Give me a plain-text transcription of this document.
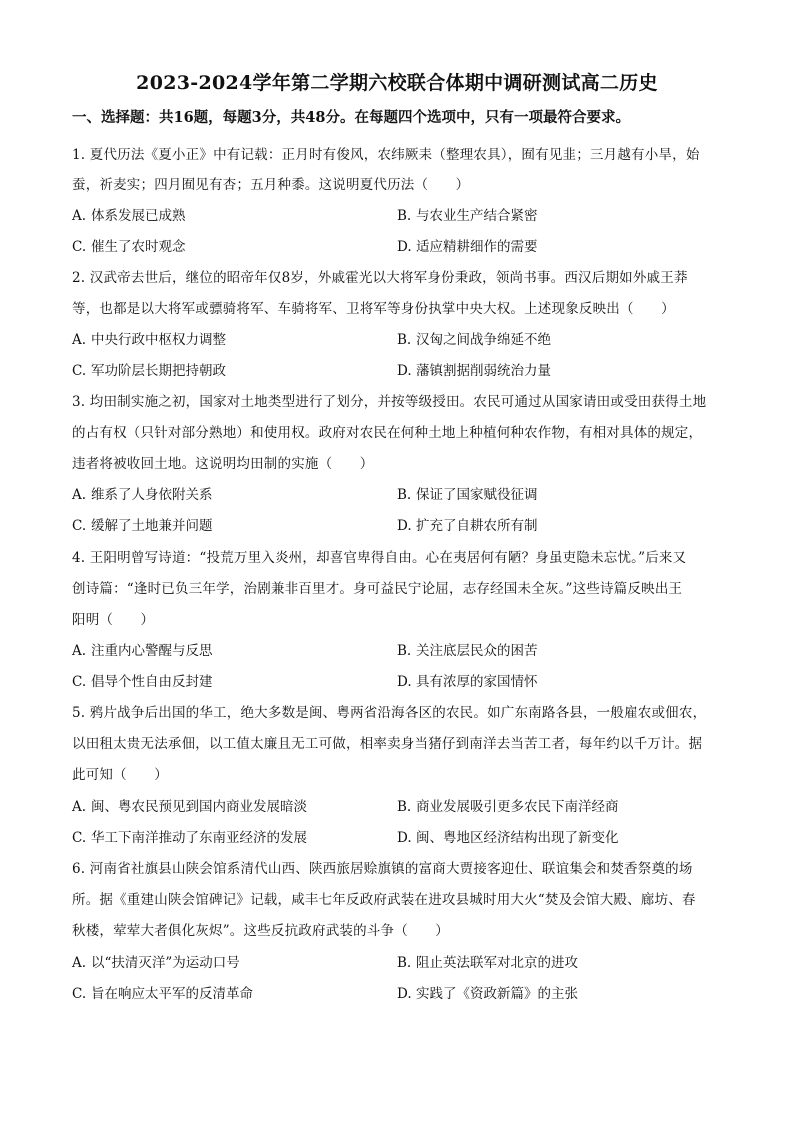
2023-2024学年第二学期六校联合体期中调研测试高二历史
一、选择题：共16题，每题3分，共48分。在每题四个选项中，只有一项最符合要求。
1. 夏代历法《夏小正》中有记载：正月时有俊风，农纬厥耒（整理农具），囿有见韭；三月越有小旱，始
蚕，祈麦实；四月囿见有杏；五月种黍。这说明夏代历法（　　）
A. 体系发展已成熟	B. 与农业生产结合紧密
C. 催生了农时观念	D. 适应精耕细作的需要
2. 汉武帝去世后，继位的昭帝年仅8岁，外戚霍光以大将军身份秉政，领尚书事。西汉后期如外戚王莽
等，也都是以大将军或骠骑将军、车骑将军、卫将军等身份执掌中央大权。上述现象反映出（　　）
A. 中央行政中枢权力调整	B. 汉匈之间战争绵延不绝
C. 军功阶层长期把持朝政	D. 藩镇割据削弱统治力量
3. 均田制实施之初，国家对土地类型进行了划分，并按等级授田。农民可通过从国家请田或受田获得土地
的占有权（只针对部分熟地）和使用权。政府对农民在何种土地上种植何种农作物，有相对具体的规定，
违者将被收回土地。这说明均田制的实施（　　）
A. 维系了人身依附关系	B. 保证了国家赋役征调
C. 缓解了土地兼并问题	D. 扩充了自耕农所有制
4. 王阳明曾写诗道：“投荒万里入炎州，却喜官卑得自由。心在夷居何有陋？身虽吏隐未忘忧。”后来又
创诗篇：“逢时已负三年学，治剧兼非百里才。身可益民宁论屈，志存经国未全灰。”这些诗篇反映出王
阳明（　　）
A. 注重内心警醒与反思	B. 关注底层民众的困苦
C. 倡导个性自由反封建	D. 具有浓厚的家国情怀
5. 鸦片战争后出国的华工，绝大多数是闽、粤两省沿海各区的农民。如广东南路各县，一般雇农或佃农，
以田租太贵无法承佃，以工值太廉且无工可做，相率卖身当猪仔到南洋去当苦工者，每年约以千万计。据
此可知（　　）
A. 闽、粤农民预见到国内商业发展暗淡	B. 商业发展吸引更多农民下南洋经商
C. 华工下南洋推动了东南亚经济的发展	D. 闽、粤地区经济结构出现了新变化
6. 河南省社旗县山陕会馆系清代山西、陕西旅居赊旗镇的富商大贾接客迎仕、联谊集会和焚香祭奠的场
所。据《重建山陕会馆碑记》记载，咸丰七年反政府武装在进攻县城时用大火“焚及会馆大殿、廊坊、春
秋楼，荤荤大者俱化灰烬”。这些反抗政府武装的斗争（　　）
A. 以“扶清灭洋”为运动口号	B. 阻止英法联军对北京的进攻
C. 旨在响应太平军的反清革命	D. 实践了《资政新篇》的主张
